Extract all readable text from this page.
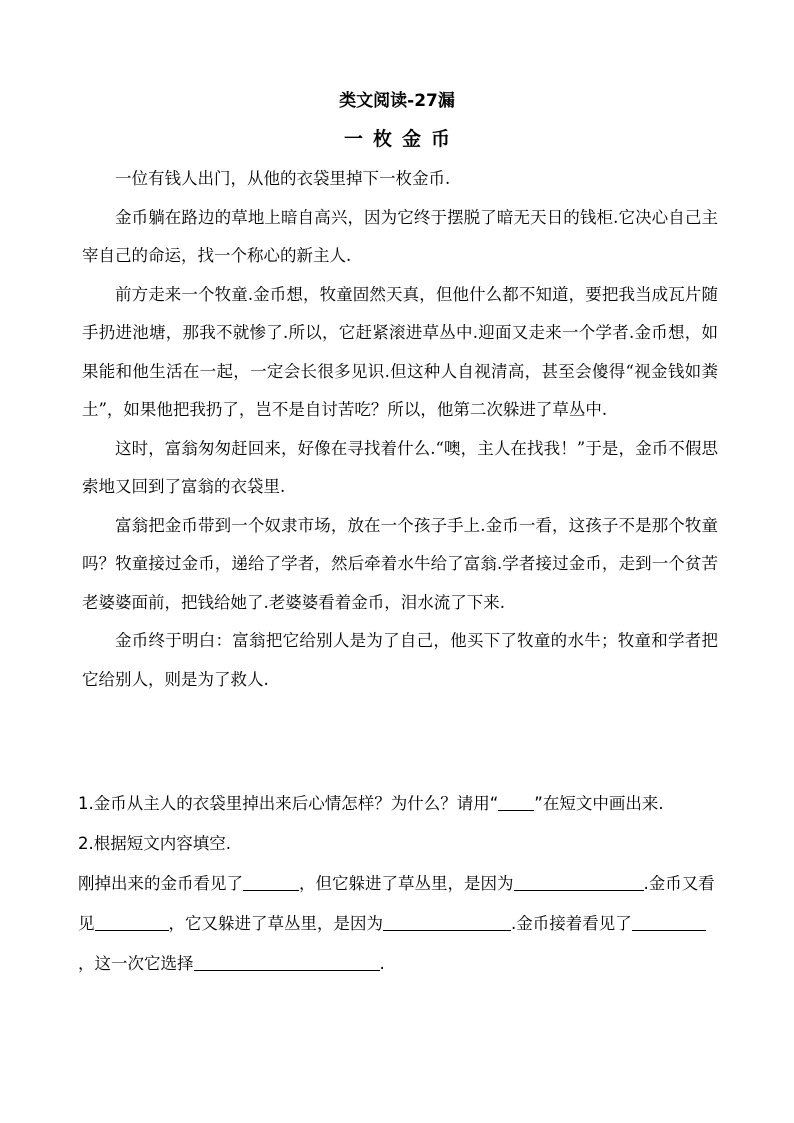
类文阅读-27漏
一枚金币

一位有钱人出门，从他的衣袋里掉下一枚金币.

金币躺在路边的草地上暗自高兴，因为它终于摆脱了暗无天日的钱柜.它决心自己主宰自己的命运，找一个称心的新主人.

前方走来一个牧童.金币想，牧童固然天真，但他什么都不知道，要把我当成瓦片随手扔进池塘，那我不就惨了.所以，它赶紧滚进草丛中.迎面又走来一个学者.金币想，如果能和他生活在一起，一定会长很多见识.但这种人自视清高，甚至会傻得“视金钱如粪土”，如果他把我扔了，岂不是自讨苦吃？所以，他第二次躲进了草丛中.

这时，富翁匆匆赶回来，好像在寻找着什么.“噢，主人在找我！”于是，金币不假思索地又回到了富翁的衣袋里.

富翁把金币带到一个奴隶市场，放在一个孩子手上.金币一看，这孩子不是那个牧童吗？牧童接过金币，递给了学者，然后牵着水牛给了富翁.学者接过金币，走到一个贫苦老婆婆面前，把钱给她了.老婆婆看着金币，泪水流了下来.

金币终于明白：富翁把它给别人是为了自己，他买下了牧童的水牛；牧童和学者把它给别人，则是为了救人.

1.金币从主人的衣袋里掉出来后心情怎样？为什么？请用“ ”在短文中画出来.

2.根据短文内容填空.

刚掉出来的金币看见了	，但它躲进了草丛里，是因为	.金币又看见	，它又躲进了草丛里，是因为	.金币接着看见了，这一次它选择	.
